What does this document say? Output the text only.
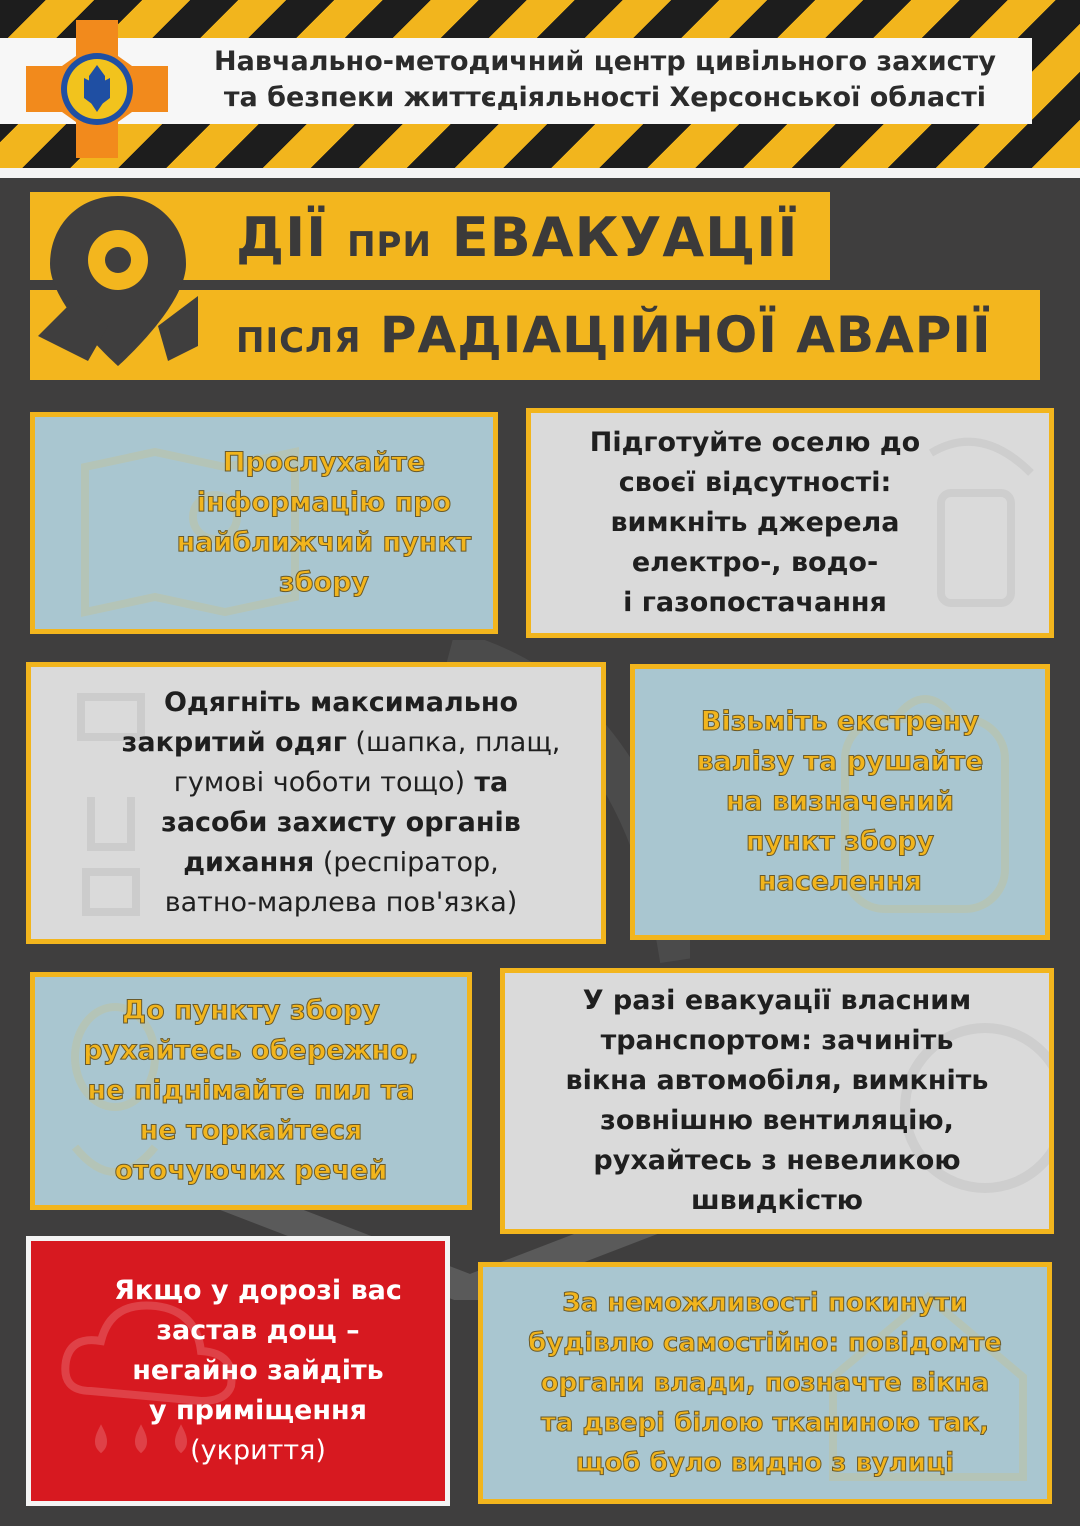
Навчально-методичний центр цивільного захисту
та безпеки життєдіяльності Херсонської області
ДІЇ ПРИ ЕВАКУАЦІЇ
ПІСЛЯ РАДІАЦІЙНОЇ АВАРІЇ
Прослухайте
інформацію про
найближчий пункт
збору
Підготуйте оселю до
своєї відсутності:
вимкніть джерела
електро-, водо-
і газопостачання
Одягніть максимально
закритий одяг (шапка, плащ,
гумові чоботи тощо) та
засоби захисту органів
дихання (респіратор,
ватно-марлева пов'язка)
Візьміть екстрену
валізу та рушайте
на визначений
пункт збору
населення
До пункту збору
рухайтесь обережно,
не піднімайте пил та
не торкайтеся
оточуючих речей
У разі евакуації власним
транспортом: зачиніть
вікна автомобіля, вимкніть
зовнішню вентиляцію,
рухайтесь з невеликою
швидкістю
Якщо у дорозі вас
застав дощ –
негайно зайдіть
у приміщення
(укриття)
За неможливості покинути
будівлю самостійно: повідомте
органи влади, позначте вікна
та двері білою тканиною так,
щоб було видно з вулиці
